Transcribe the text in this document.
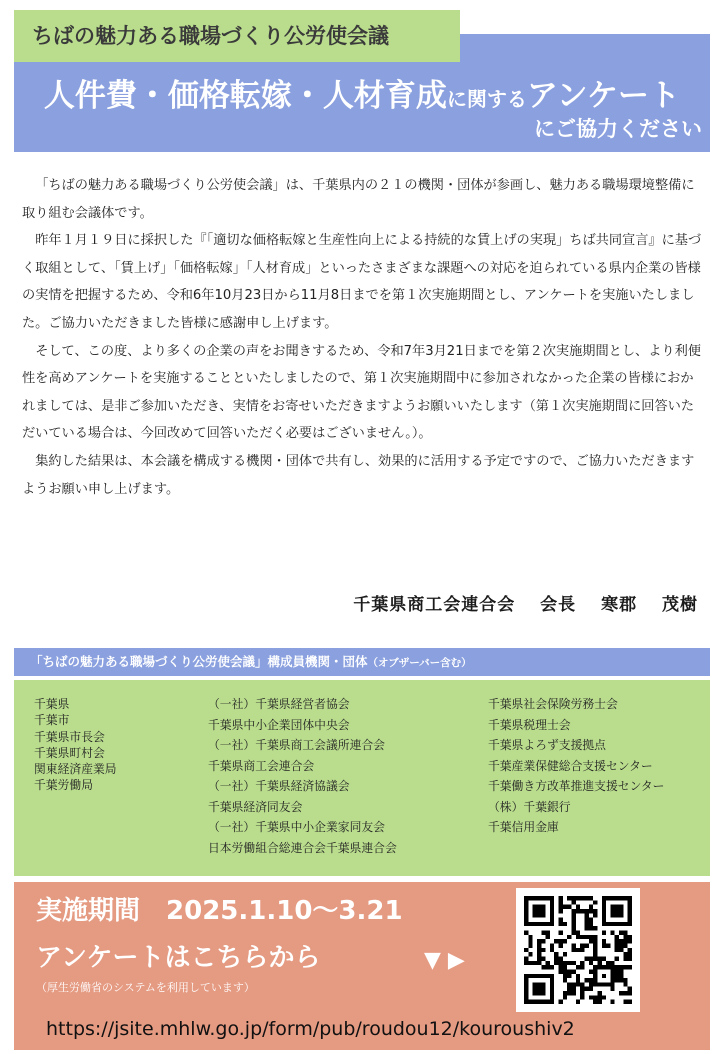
ちばの魅力ある職場づくり公労使会議
人件費・価格転嫁・人材育成に関するアンケート
にご協力ください

「ちばの魅力ある職場づくり公労使会議」は、千葉県内の２１の機関・団体が参画し、魅力ある職場環境整備に取り組む会議体です。

昨年１月１９日に採択した『「適切な価格転嫁と生産性向上による持続的な賃上げの実現」ちば共同宣言』に基づく取組として、「賃上げ」「価格転嫁」「人材育成」といったさまざまな課題への対応を迫られている県内企業の皆様の実情を把握するため、令和6年10月23日から11月8日までを第１次実施期間とし、アンケートを実施いたしました。ご協力いただきました皆様に感謝申し上げます。

そして、この度、より多くの企業の声をお聞きするため、令和7年3月21日までを第２次実施期間とし、より利便性を高めアンケートを実施することといたしましたので、第１次実施期間中に参加されなかった企業の皆様におかれましては、是非ご参加いただき、実情をお寄せいただきますようお願いいたします（第１次実施期間に回答いただいている場合は、今回改めて回答いただく必要はございません。）。

集約した結果は、本会議を構成する機関・団体で共有し、効果的に活用する予定ですので、ご協力いただきますようお願い申し上げます。

千葉県商工会連合会　 会長　 寒郡　 茂樹
「ちばの魅力ある職場づくり公労使会議」構成員機関・団体（オブザーバー含む）
千葉県
千葉市
千葉県市長会
千葉県町村会
関東経済産業局
千葉労働局
（一社）千葉県経営者協会
千葉県中小企業団体中央会
（一社）千葉県商工会議所連合会
千葉県商工会連合会
（一社）千葉県経済協議会
千葉県経済同友会
（一社）千葉県中小企業家同友会
日本労働組合総連合会千葉県連合会
千葉県社会保険労務士会
千葉県税理士会
千葉県よろず支援拠点
千葉産業保健総合支援センター
千葉働き方改革推進支援センター
（株）千葉銀行
千葉信用金庫
実施期間　 2025.1.10～3.21
アンケートはこちらから	▼ ▶
（厚生労働省のシステムを利用しています）
https://jsite.mhlw.go.jp/form/pub/roudou12/kouroushiv2
